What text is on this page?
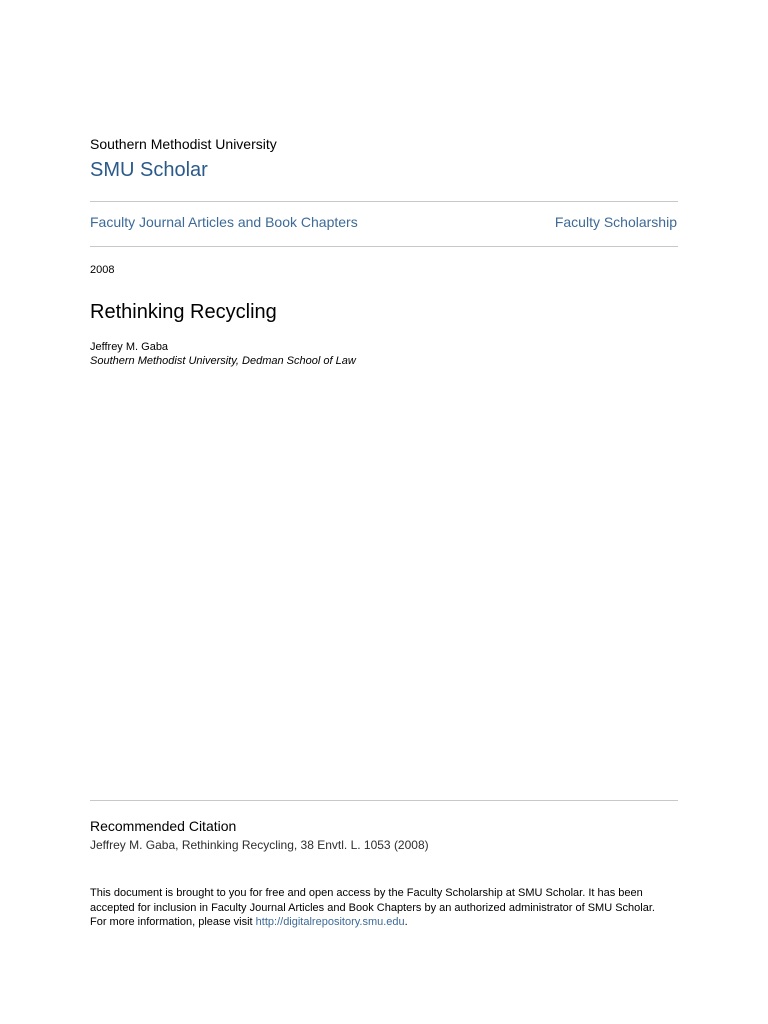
Southern Methodist University
SMU Scholar
Faculty Journal Articles and Book Chapters	Faculty Scholarship
2008
Rethinking Recycling
Jeffrey M. Gaba
Southern Methodist University, Dedman School of Law
Recommended Citation
Jeffrey M. Gaba, Rethinking Recycling, 38 Envtl. L. 1053 (2008)
This document is brought to you for free and open access by the Faculty Scholarship at SMU Scholar. It has been accepted for inclusion in Faculty Journal Articles and Book Chapters by an authorized administrator of SMU Scholar. For more information, please visit http://digitalrepository.smu.edu.
